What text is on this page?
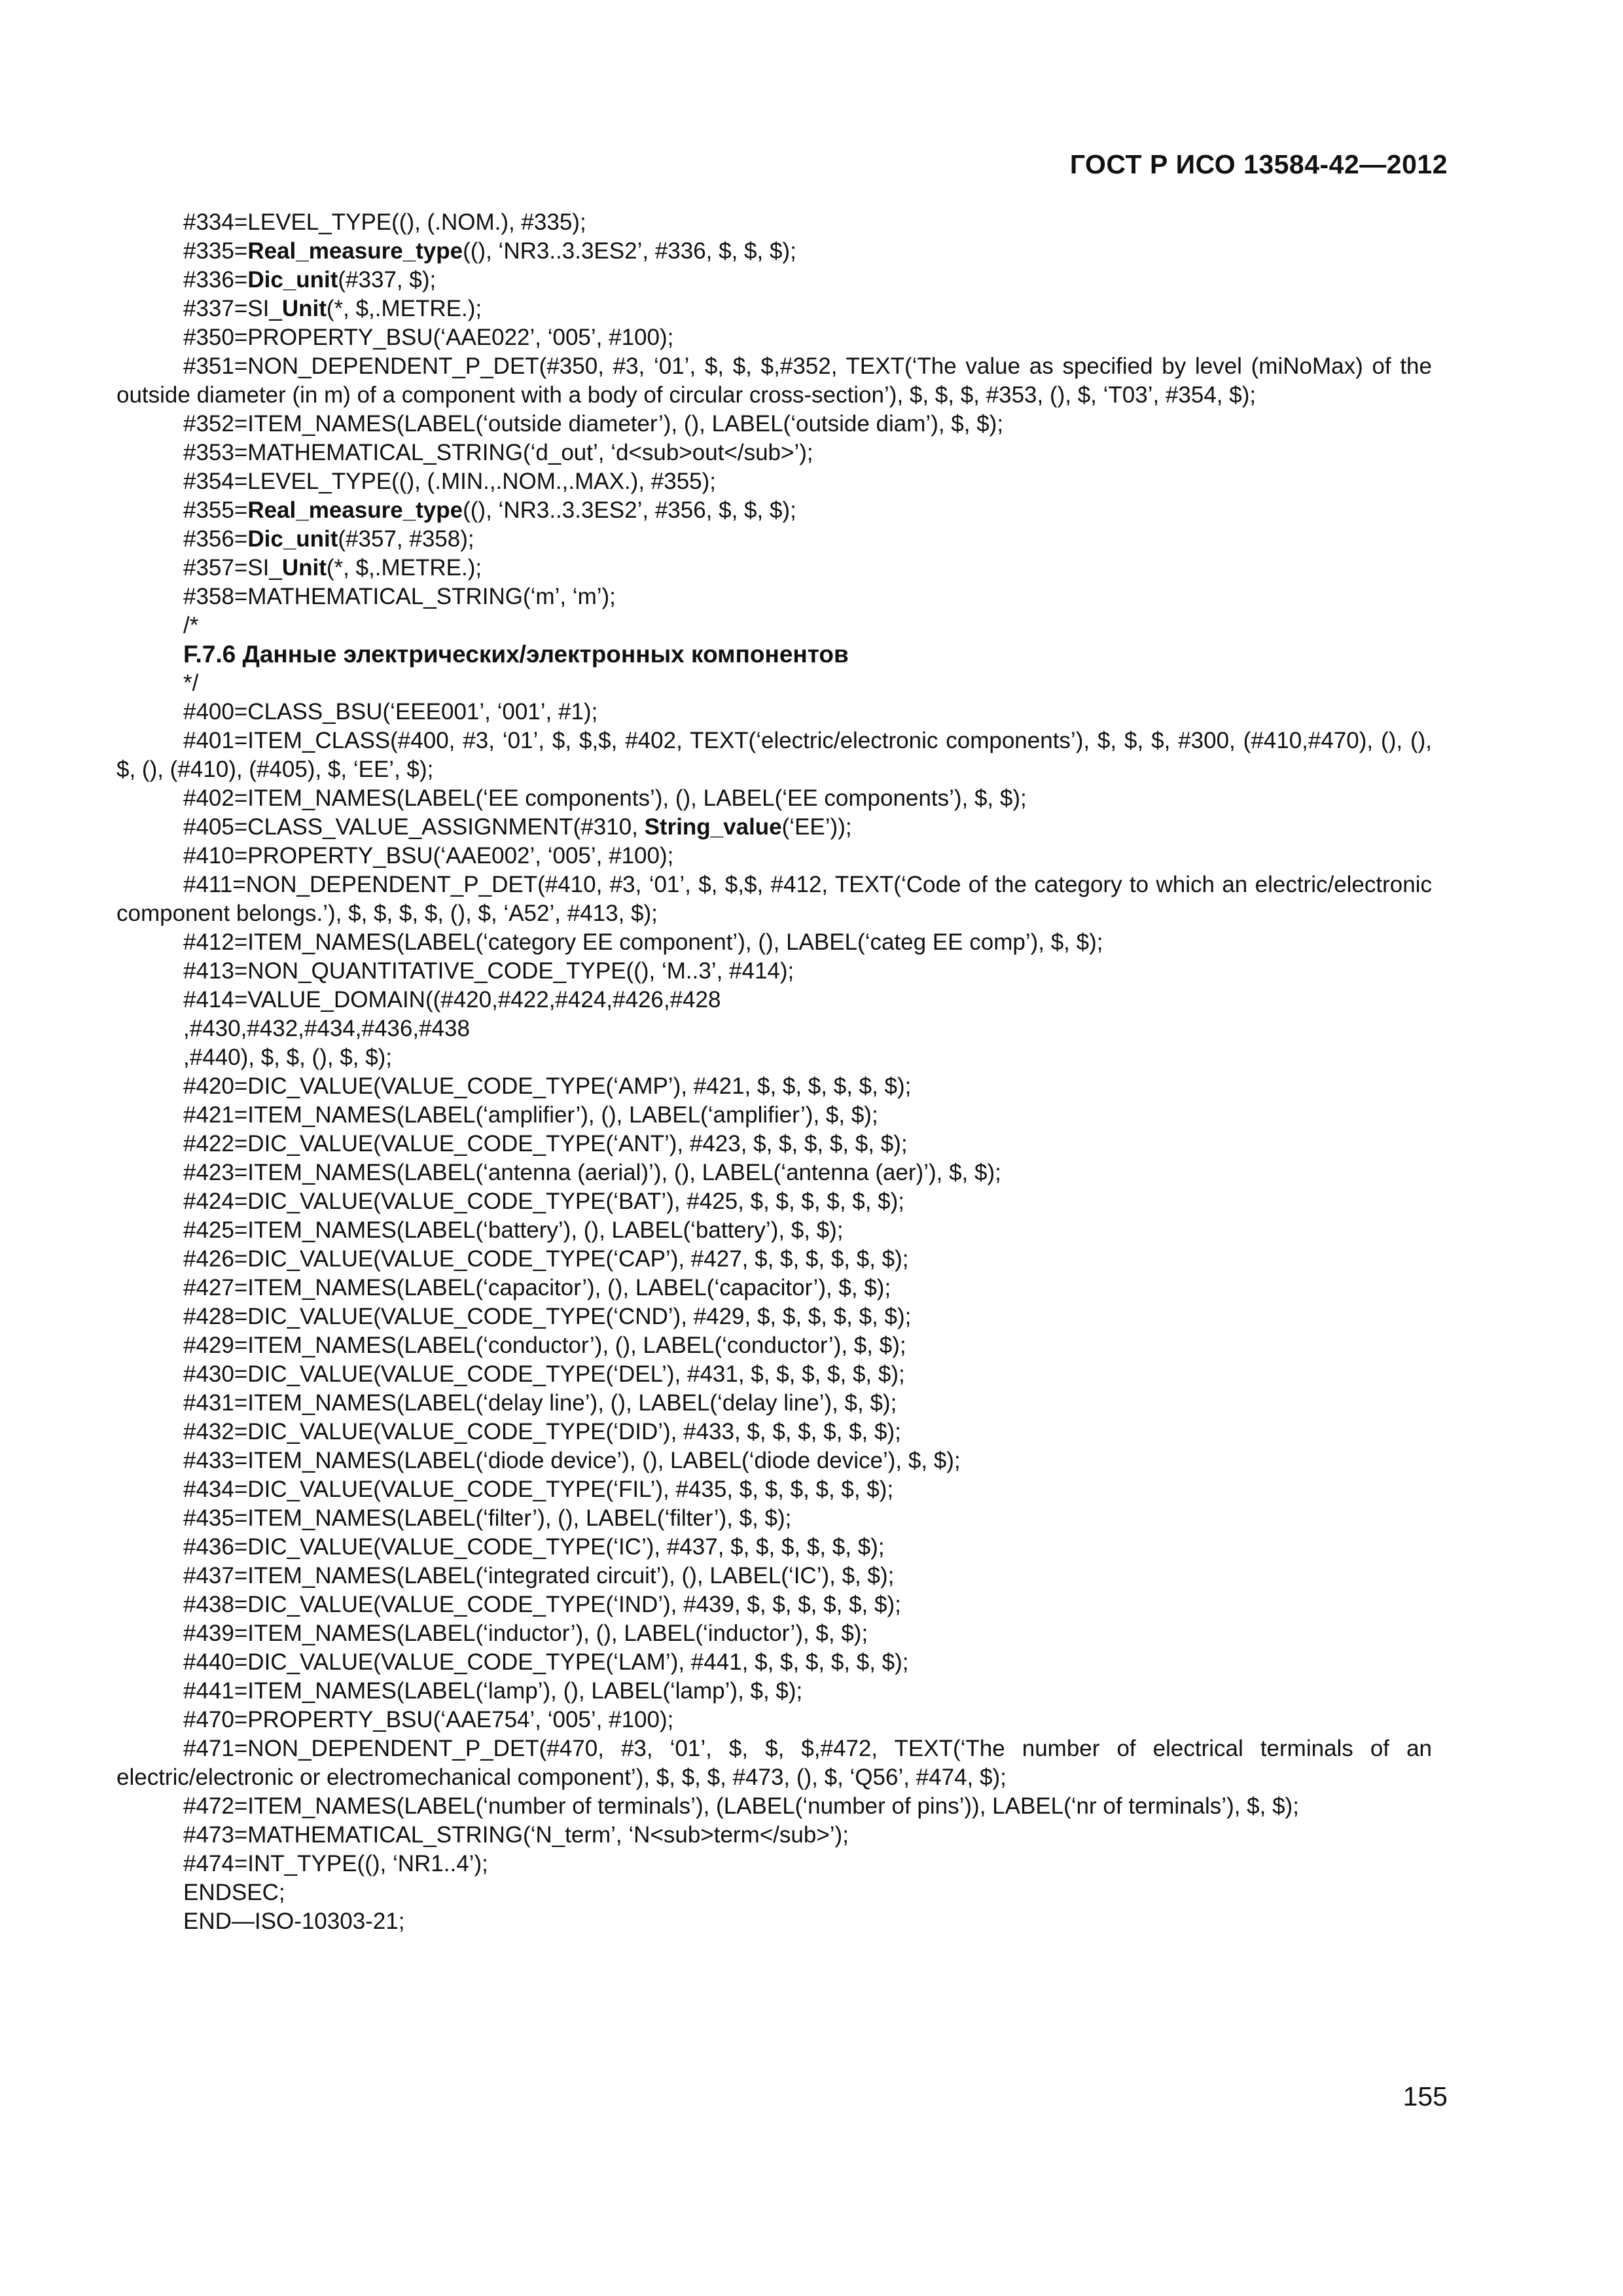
ГОСТ Р ИСО 13584-42—2012
#334=LEVEL_TYPE((), (.NOM.), #335);
#335=Real_measure_type((), ‘NR3..3.3ES2’, #336, $, $, $);
#336=Dic_unit(#337, $);
#337=SI_Unit(*, $,.METRE.);
#350=PROPERTY_BSU(‘AAE022’, ‘005’, #100);
#351=NON_DEPENDENT_P_DET(#350, #3, ‘01’, $, $, $,#352, TEXT(‘The value as specified by level (miNoMax) of the outside diameter (in m) of a component with a body of circular cross-section’), $, $, $, #353, (), $, ‘T03’, #354, $);
#352=ITEM_NAMES(LABEL(‘outside diameter’), (), LABEL(‘outside diam’), $, $);
#353=MATHEMATICAL_STRING(‘d_out’, ‘d<sub>out</sub>’);
#354=LEVEL_TYPE((), (.MIN.,.NOM.,.MAX.), #355);
#355=Real_measure_type((), ‘NR3..3.3ES2’, #356, $, $, $);
#356=Dic_unit(#357, #358);
#357=SI_Unit(*, $,.METRE.);
#358=MATHEMATICAL_STRING(‘m’, ‘m’);
/*
F.7.6 Данные электрических/электронных компонентов
*/
#400=CLASS_BSU(‘EEE001’, ‘001’, #1);
#401=ITEM_CLASS(#400, #3, ‘01’, $, $,$, #402, TEXT(‘electric/electronic components’), $, $, $, #300, (#410,#470), (), (), $, (), (#410), (#405), $, ‘EE’, $);
#402=ITEM_NAMES(LABEL(‘EE components’), (), LABEL(‘EE components’), $, $);
#405=CLASS_VALUE_ASSIGNMENT(#310, String_value(‘EE’));
#410=PROPERTY_BSU(‘AAE002’, ‘005’, #100);
#411=NON_DEPENDENT_P_DET(#410, #3, ‘01’, $, $,$, #412, TEXT(‘Code of the category to which an electric/electronic component belongs.’), $, $, $, $, (), $, ‘A52’, #413, $);
#412=ITEM_NAMES(LABEL(‘category EE component’), (), LABEL(‘categ EE comp’), $, $);
#413=NON_QUANTITATIVE_CODE_TYPE((), ‘M..3’, #414);
#414=VALUE_DOMAIN((#420,#422,#424,#426,#428
,#430,#432,#434,#436,#438
,#440), $, $, (), $, $);
#420=DIC_VALUE(VALUE_CODE_TYPE(‘AMP’), #421, $, $, $, $, $, $);
#421=ITEM_NAMES(LABEL(‘amplifier’), (), LABEL(‘amplifier’), $, $);
#422=DIC_VALUE(VALUE_CODE_TYPE(‘ANT’), #423, $, $, $, $, $, $);
#423=ITEM_NAMES(LABEL(‘antenna (aerial)’), (), LABEL(‘antenna (aer)’), $, $);
#424=DIC_VALUE(VALUE_CODE_TYPE(‘BAT’), #425, $, $, $, $, $, $);
#425=ITEM_NAMES(LABEL(‘battery’), (), LABEL(‘battery’), $, $);
#426=DIC_VALUE(VALUE_CODE_TYPE(‘CAP’), #427, $, $, $, $, $, $);
#427=ITEM_NAMES(LABEL(‘capacitor’), (), LABEL(‘capacitor’), $, $);
#428=DIC_VALUE(VALUE_CODE_TYPE(‘CND’), #429, $, $, $, $, $, $);
#429=ITEM_NAMES(LABEL(‘conductor’), (), LABEL(‘conductor’), $, $);
#430=DIC_VALUE(VALUE_CODE_TYPE(‘DEL’), #431, $, $, $, $, $, $);
#431=ITEM_NAMES(LABEL(‘delay line’), (), LABEL(‘delay line’), $, $);
#432=DIC_VALUE(VALUE_CODE_TYPE(‘DID’), #433, $, $, $, $, $, $);
#433=ITEM_NAMES(LABEL(‘diode device’), (), LABEL(‘diode device’), $, $);
#434=DIC_VALUE(VALUE_CODE_TYPE(‘FIL’), #435, $, $, $, $, $, $);
#435=ITEM_NAMES(LABEL(‘filter’), (), LABEL(‘filter’), $, $);
#436=DIC_VALUE(VALUE_CODE_TYPE(‘IC’), #437, $, $, $, $, $, $);
#437=ITEM_NAMES(LABEL(‘integrated circuit’), (), LABEL(‘IC’), $, $);
#438=DIC_VALUE(VALUE_CODE_TYPE(‘IND’), #439, $, $, $, $, $, $);
#439=ITEM_NAMES(LABEL(‘inductor’), (), LABEL(‘inductor’), $, $);
#440=DIC_VALUE(VALUE_CODE_TYPE(‘LAM’), #441, $, $, $, $, $, $);
#441=ITEM_NAMES(LABEL(‘lamp’), (), LABEL(‘lamp’), $, $);
#470=PROPERTY_BSU(‘AAE754’, ‘005’, #100);
#471=NON_DEPENDENT_P_DET(#470, #3, ‘01’, $, $, $,#472, TEXT(‘The number of electrical terminals of an electric/electronic or electromechanical component’), $, $, $, #473, (), $, ‘Q56’, #474, $);
#472=ITEM_NAMES(LABEL(‘number of terminals’), (LABEL(‘number of pins’)), LABEL(‘nr of terminals’), $, $);
#473=MATHEMATICAL_STRING(‘N_term’, ‘N<sub>term</sub>’);
#474=INT_TYPE((), ‘NR1..4’);
ENDSEC;
END—ISO-10303-21;
155
